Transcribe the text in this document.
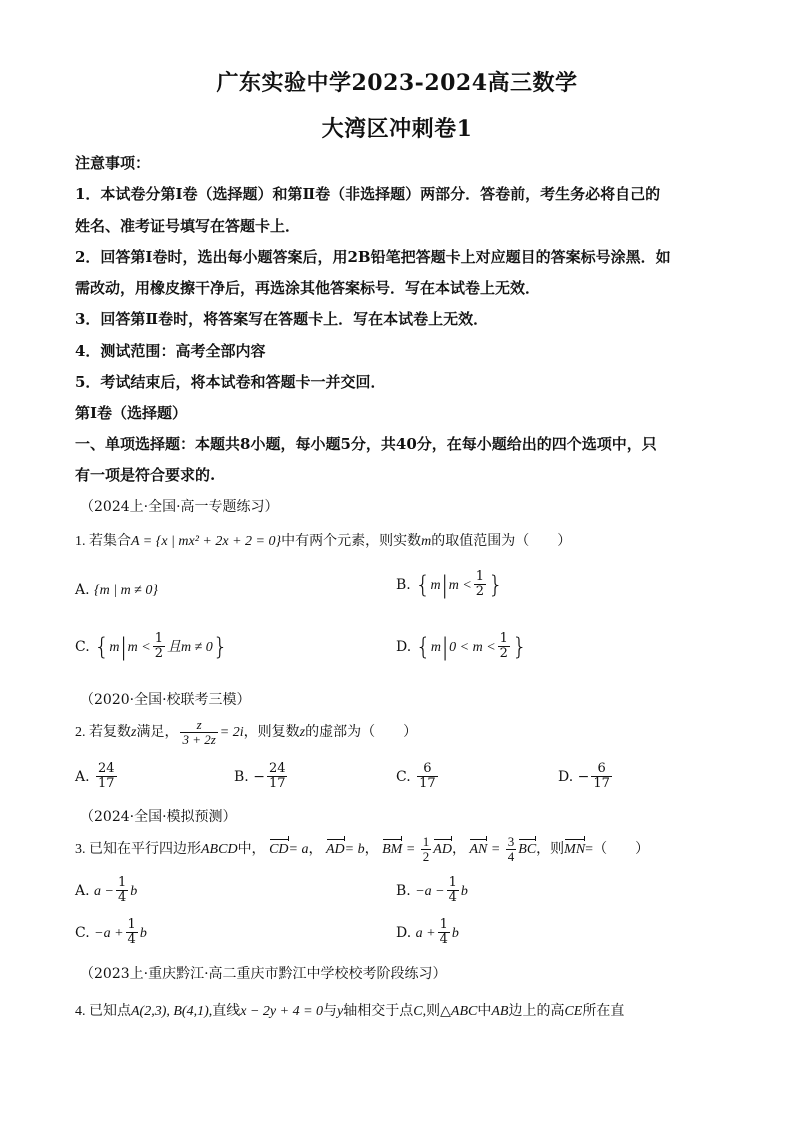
广东实验中学2023-2024高三数学
大湾区冲刺卷1
注意事项：
1．本试卷分第Ⅰ卷（选择题）和第Ⅱ卷（非选择题）两部分．答卷前，考生务必将自己的
姓名、准考证号填写在答题卡上．
2．回答第Ⅰ卷时，选出每小题答案后，用2B铅笔把答题卡上对应题目的答案标号涂黑．如
需改动，用橡皮擦干净后，再选涂其他答案标号．写在本试卷上无效．
3．回答第Ⅱ卷时，将答案写在答题卡上．写在本试卷上无效．
4．测试范围：高考全部内容
5．考试结束后，将本试卷和答题卡一并交回．
第Ⅰ卷（选择题）
一、单项选择题：本题共8小题，每小题5分，共40分，在每小题给出的四个选项中，只
有一项是符合要求的.
（2024上·全国·高一专题练习）
1. 若集合A = {x | mx² + 2x + 2 = 0}中有两个元素，则实数m的取值范围为（　　）
A. {m | m ≠ 0}	B. {$m|m < \frac{1}{2}$ }
C. {$m|m < \frac{1}{2}$ 且m ≠ 0}	D. {$m|0 < m < \frac{1}{2}$ }
（2020·全国·校联考三模）
2. 若复数z满足， $\frac{z}{3 + 2z} = 2i$，则复数z的虚部为（　　）
A. $\frac{24}{17}$	B. − $\frac{24}{17}$	C. $\frac{6}{17}$	D. − $\frac{6}{17}$
（2024·全国·模拟预测）
3. 已知在平行四边形ABCD中， CD= a， AD= b， BM = $\frac{1}{2}$ AD， AN = $\frac{3}{4}$ BC，则MN=（　　）
A. $a - \frac{1}{4}$ b	B. $-a - \frac{1}{4}$ b
C. $-a + \frac{1}{4}$ b	D. $a + \frac{1}{4}$ b
（2023上·重庆黔江·高二重庆市黔江中学校校考阶段练习）
4. 已知点A(2,3), B(4,1),直线x − 2y + 4 = 0与y轴相交于点C,则△ABC中AB边上的高CE所在直
